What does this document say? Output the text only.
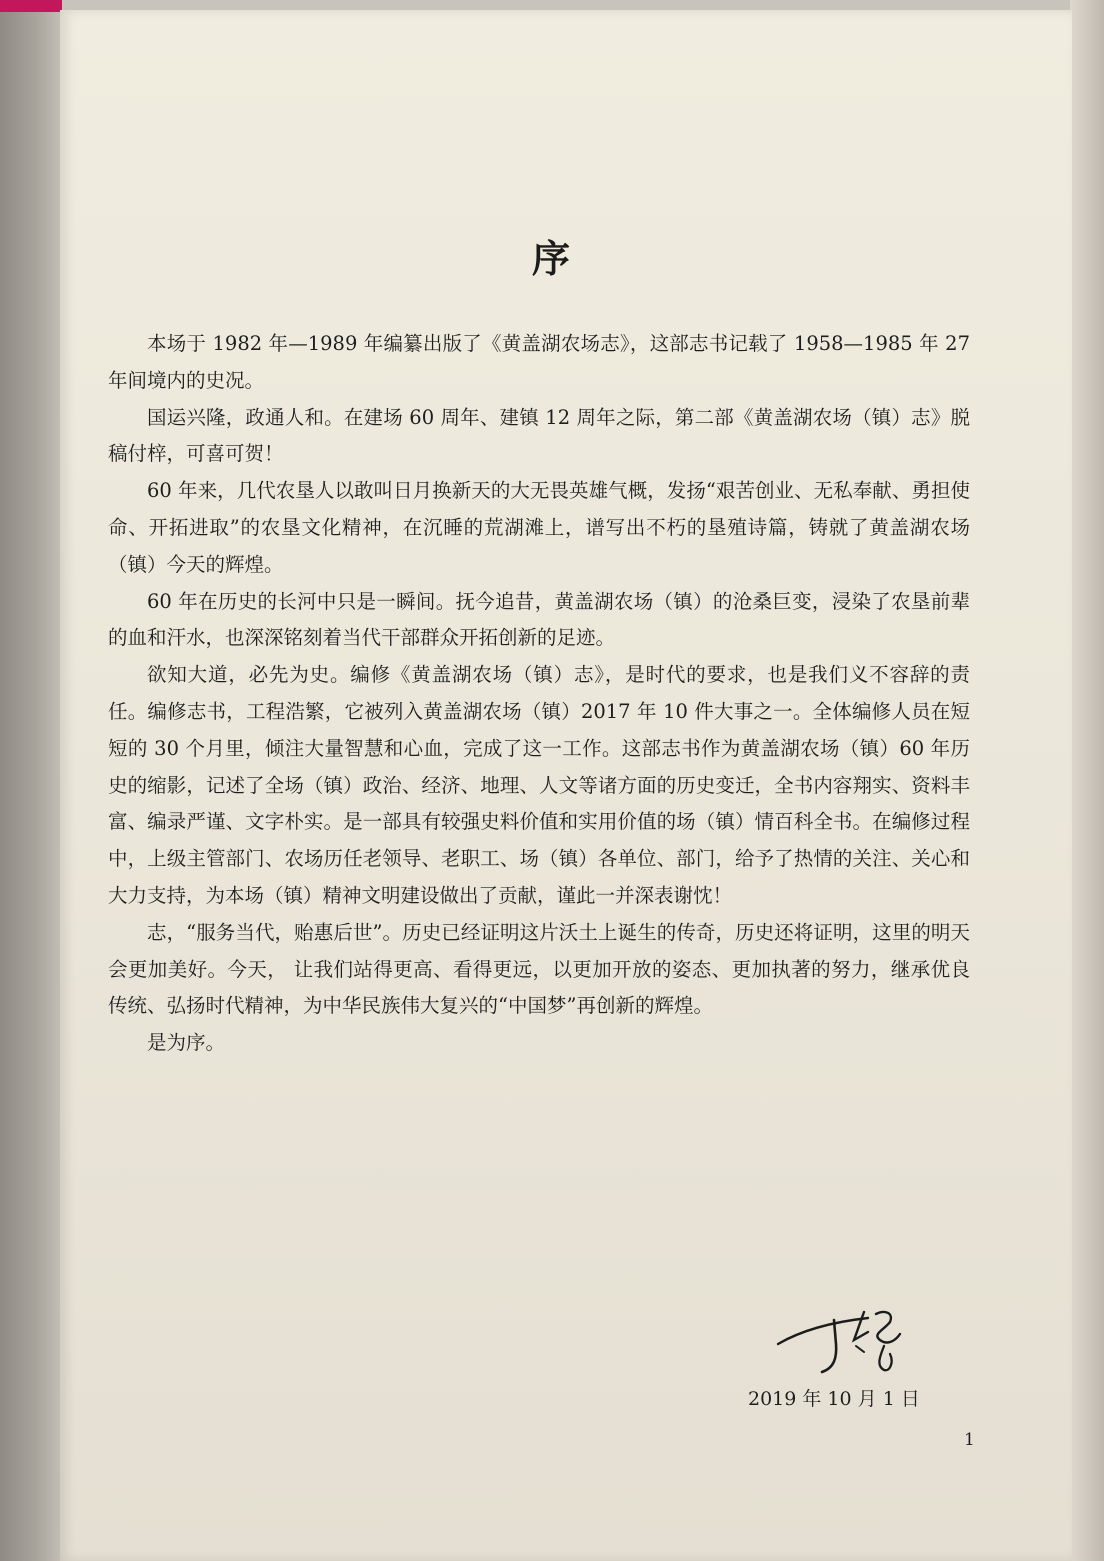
序

本场于 1982 年—1989 年编纂出版了《黄盖湖农场志》，这部志书记载了 1958—1985 年 27 年间境内的史况。

国运兴隆，政通人和。在建场 60 周年、建镇 12 周年之际，第二部《黄盖湖农场（镇）志》脱稿付梓，可喜可贺！

60 年来，几代农垦人以敢叫日月换新天的大无畏英雄气概，发扬“艰苦创业、无私奉献、勇担使命、开拓进取”的农垦文化精神，在沉睡的荒湖滩上，谱写出不朽的垦殖诗篇，铸就了黄盖湖农场（镇）今天的辉煌。

60 年在历史的长河中只是一瞬间。抚今追昔，黄盖湖农场（镇）的沧桑巨变，浸染了农垦前辈的血和汗水，也深深铭刻着当代干部群众开拓创新的足迹。

欲知大道，必先为史。编修《黄盖湖农场（镇）志》，是时代的要求，也是我们义不容辞的责任。编修志书，工程浩繁，它被列入黄盖湖农场（镇）2017 年 10 件大事之一。全体编修人员在短短的 30 个月里，倾注大量智慧和心血，完成了这一工作。这部志书作为黄盖湖农场（镇）60 年历史的缩影，记述了全场（镇）政治、经济、地理、人文等诸方面的历史变迁，全书内容翔实、资料丰富、编录严谨、文字朴实。是一部具有较强史料价值和实用价值的场（镇）情百科全书。在编修过程中，上级主管部门、农场历任老领导、老职工、场（镇）各单位、部门，给予了热情的关注、关心和大力支持，为本场（镇）精神文明建设做出了贡献，谨此一并深表谢忱！

志，“服务当代，贻惠后世”。历史已经证明这片沃土上诞生的传奇，历史还将证明，这里的明天会更加美好。今天， 让我们站得更高、看得更远，以更加开放的姿态、更加执著的努力，继承优良传统、弘扬时代精神，为中华民族伟大复兴的“中国梦”再创新的辉煌。

是为序。

2019 年 10 月 1 日
1
